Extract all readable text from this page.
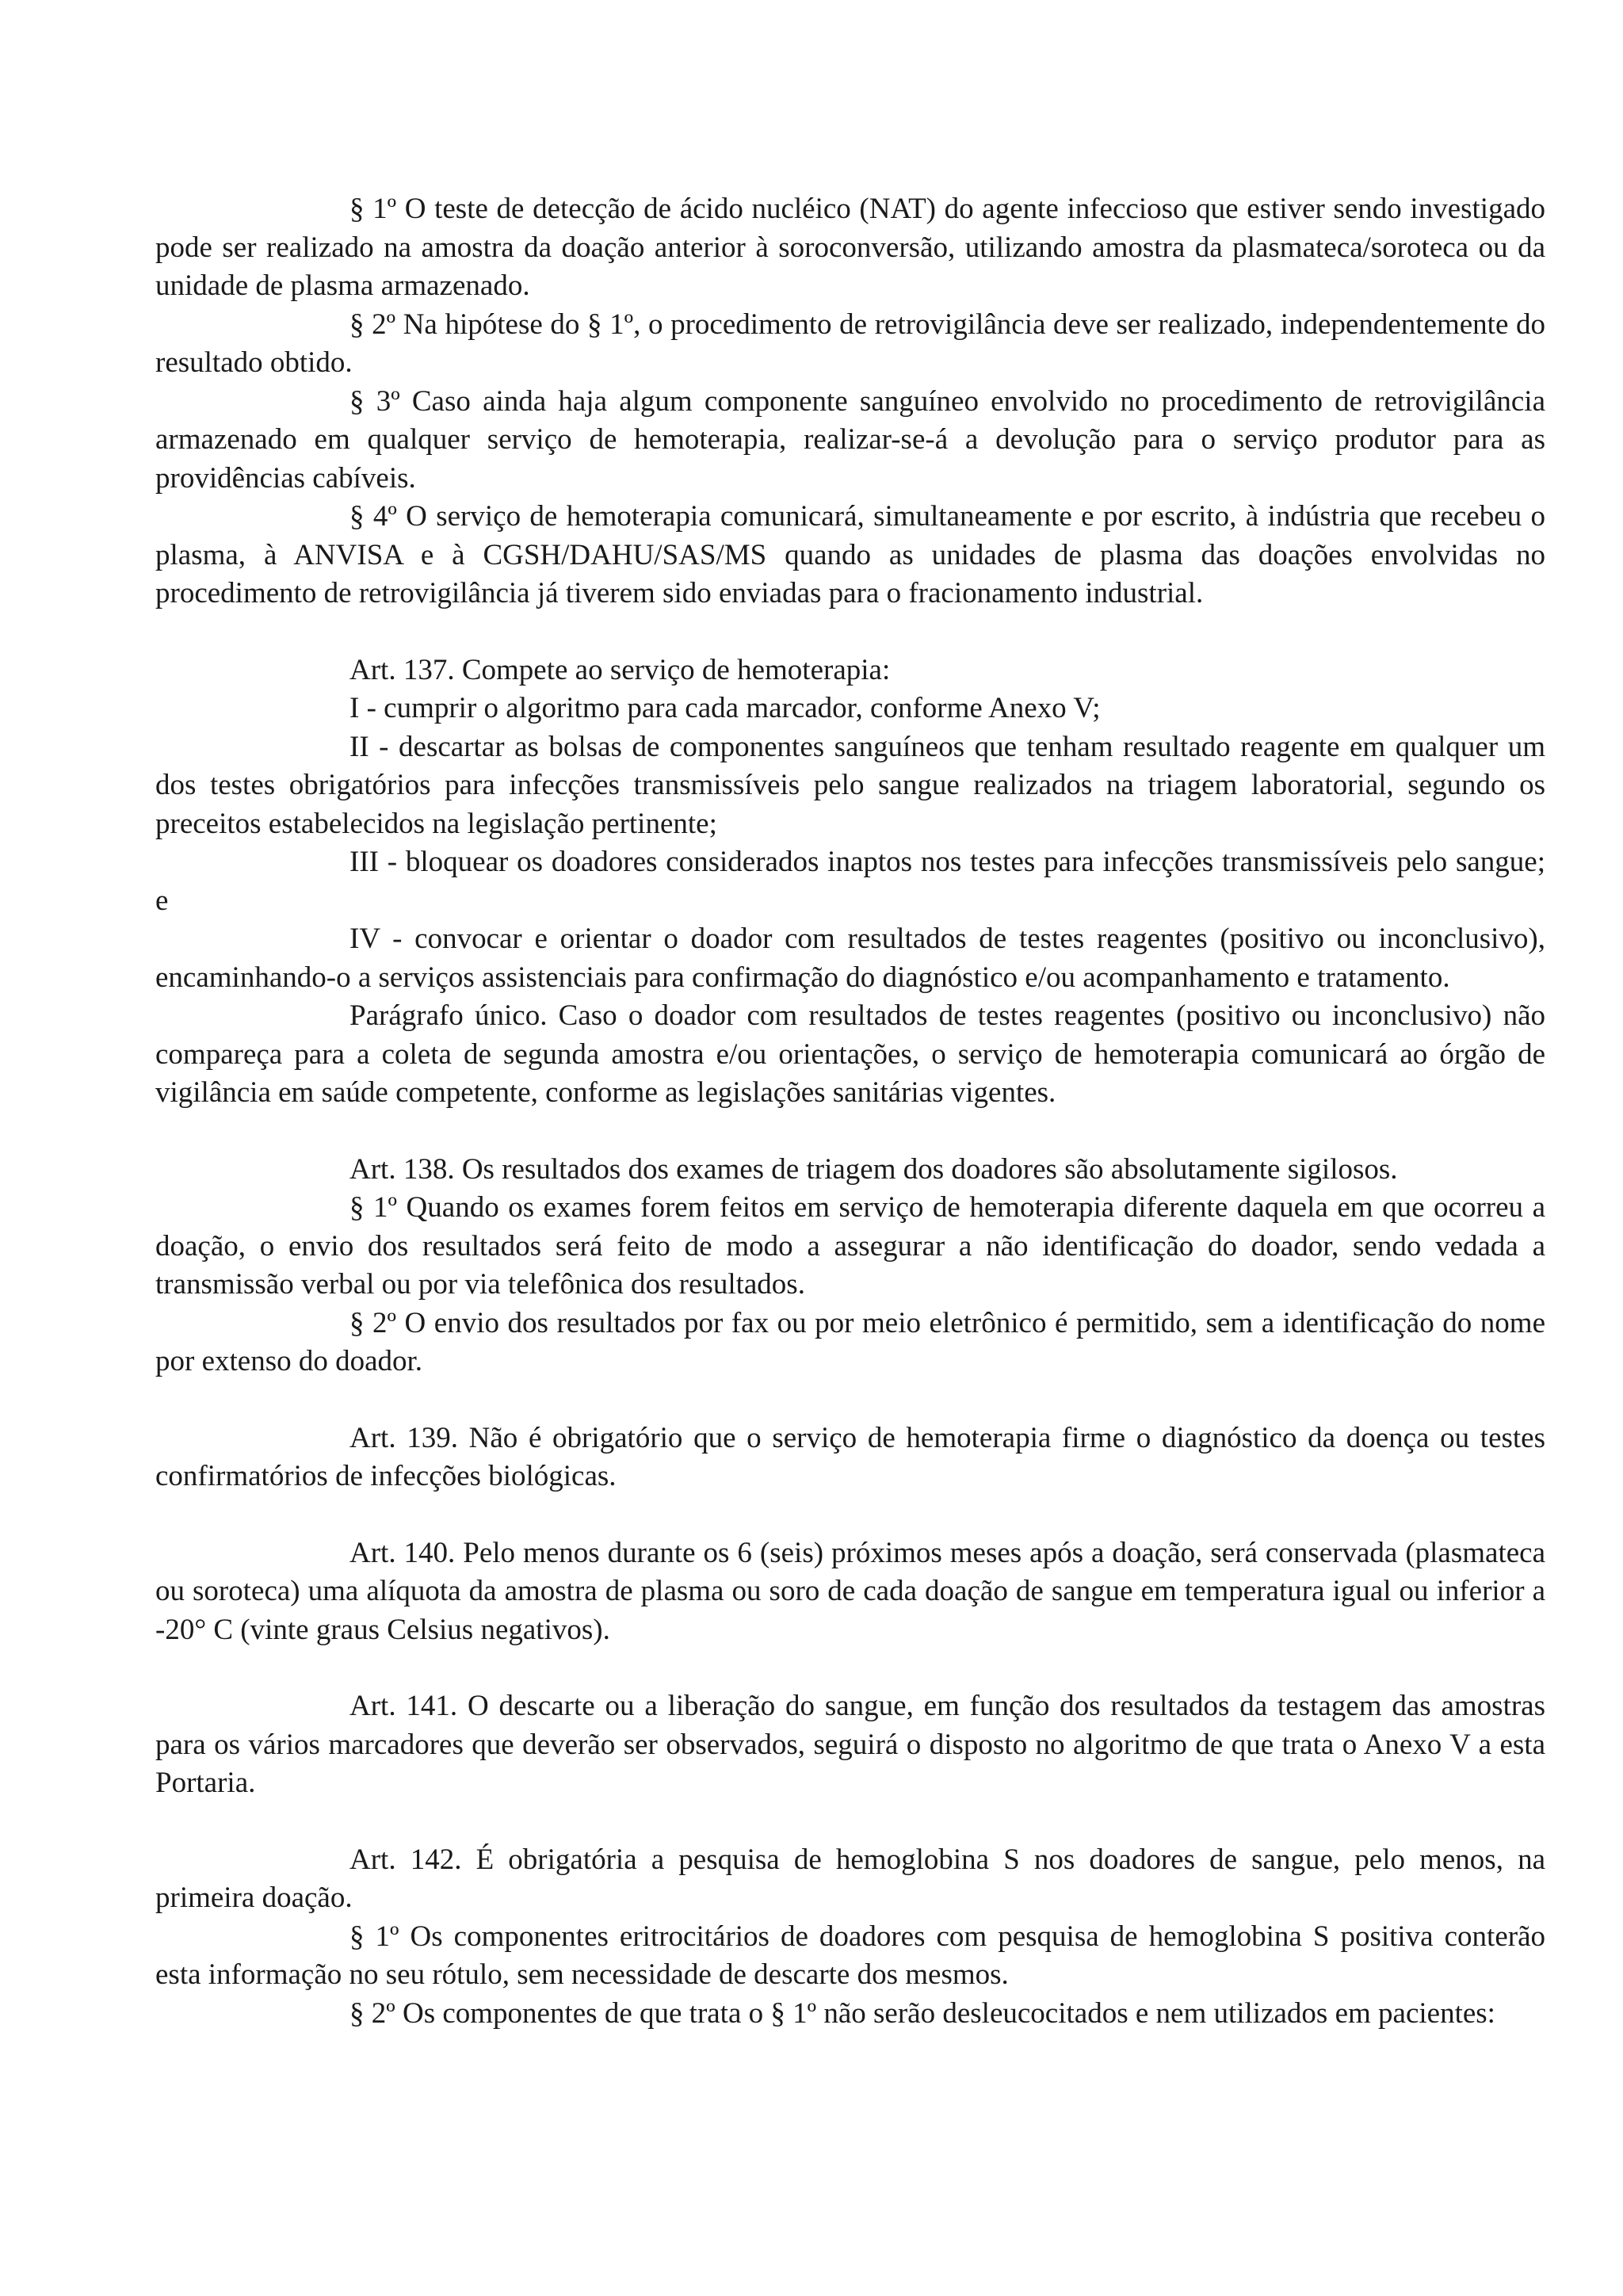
§ 1º O teste de detecção de ácido nucléico (NAT) do agente infeccioso que estiver sendo investigado pode ser realizado na amostra da doação anterior à soroconversão, utilizando amostra da plasmateca/soroteca ou da unidade de plasma armazenado.

§ 2º Na hipótese do § 1º, o procedimento de retrovigilância deve ser realizado, independentemente do resultado obtido.

§ 3º Caso ainda haja algum componente sanguíneo envolvido no procedimento de retrovigilância armazenado em qualquer serviço de hemoterapia, realizar-se-á a devolução para o serviço produtor para as providências cabíveis.

§ 4º O serviço de hemoterapia comunicará, simultaneamente e por escrito, à indústria que recebeu o plasma, à ANVISA e à CGSH/DAHU/SAS/MS quando as unidades de plasma das doações envolvidas no procedimento de retrovigilância já tiverem sido enviadas para o fracionamento industrial.

Art. 137. Compete ao serviço de hemoterapia:

I - cumprir o algoritmo para cada marcador, conforme Anexo V;

II - descartar as bolsas de componentes sanguíneos que tenham resultado reagente em qualquer um dos testes obrigatórios para infecções transmissíveis pelo sangue realizados na triagem laboratorial, segundo os preceitos estabelecidos na legislação pertinente;

III - bloquear os doadores considerados inaptos nos testes para infecções transmissíveis pelo sangue; e

IV - convocar e orientar o doador com resultados de testes reagentes (positivo ou inconclusivo), encaminhando-o a serviços assistenciais para confirmação do diagnóstico e/ou acompanhamento e tratamento.

Parágrafo único. Caso o doador com resultados de testes reagentes (positivo ou inconclusivo) não compareça para a coleta de segunda amostra e/ou orientações, o serviço de hemoterapia comunicará ao órgão de vigilância em saúde competente, conforme as legislações sanitárias vigentes.

Art. 138. Os resultados dos exames de triagem dos doadores são absolutamente sigilosos.

§ 1º Quando os exames forem feitos em serviço de hemoterapia diferente daquela em que ocorreu a doação, o envio dos resultados será feito de modo a assegurar a não identificação do doador, sendo vedada a transmissão verbal ou por via telefônica dos resultados.

§ 2º O envio dos resultados por fax ou por meio eletrônico é permitido, sem a identificação do nome por extenso do doador.

Art. 139. Não é obrigatório que o serviço de hemoterapia firme o diagnóstico da doença ou testes confirmatórios de infecções biológicas.

Art. 140. Pelo menos durante os 6 (seis) próximos meses após a doação, será conservada (plasmateca ou soroteca) uma alíquota da amostra de plasma ou soro de cada doação de sangue em temperatura igual ou inferior a -20° C (vinte graus Celsius negativos).

Art. 141. O descarte ou a liberação do sangue, em função dos resultados da testagem das amostras para os vários marcadores que deverão ser observados, seguirá o disposto no algoritmo de que trata o Anexo V a esta Portaria.

Art. 142. É obrigatória a pesquisa de hemoglobina S nos doadores de sangue, pelo menos, na primeira doação.

§ 1º Os componentes eritrocitários de doadores com pesquisa de hemoglobina S positiva conterão esta informação no seu rótulo, sem necessidade de descarte dos mesmos.

§ 2º Os componentes de que trata o § 1º não serão desleucocitados e nem utilizados em pacientes:
